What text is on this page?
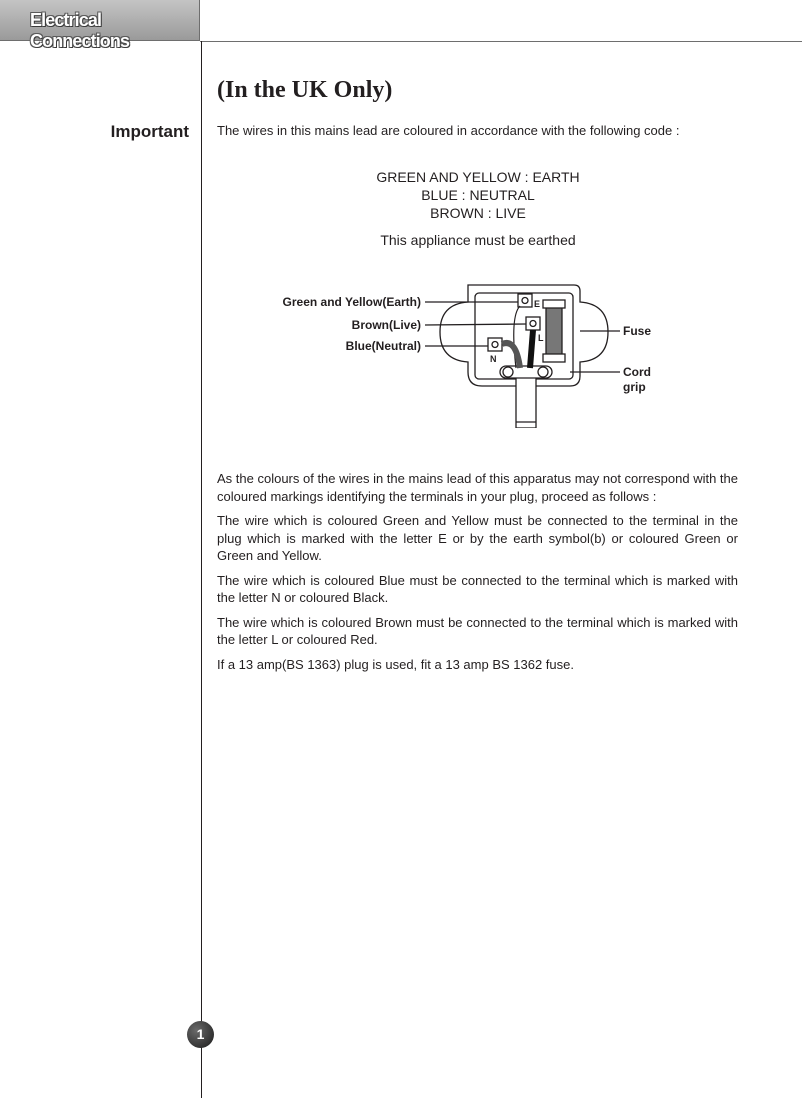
Electrical Connections
(In the UK Only)
Important The wires in this mains lead are coloured in accordance with the following code :
GREEN AND YELLOW : EARTH
BLUE : NEUTRAL
BROWN : LIVE
This appliance must be earthed
Green and Yellow(Earth)
Brown(Live)
Blue(Neutral)
Fuse
Cord
grip
E
L
N

As the colours of the wires in the mains lead of this apparatus may not correspond with the coloured markings identifying the terminals in your plug, proceed as follows :

The wire which is coloured Green and Yellow must be connected to the terminal in the plug which is marked with the letter E or by the earth symbol(b) or coloured Green or Green and Yellow.

The wire which is coloured Blue must be connected to the terminal which is marked with the letter N or coloured Black.

The wire which is coloured Brown must be connected to the terminal which is marked with the letter L or coloured Red.

If a 13 amp(BS 1363) plug is used, fit a 13 amp BS 1362 fuse.

1
